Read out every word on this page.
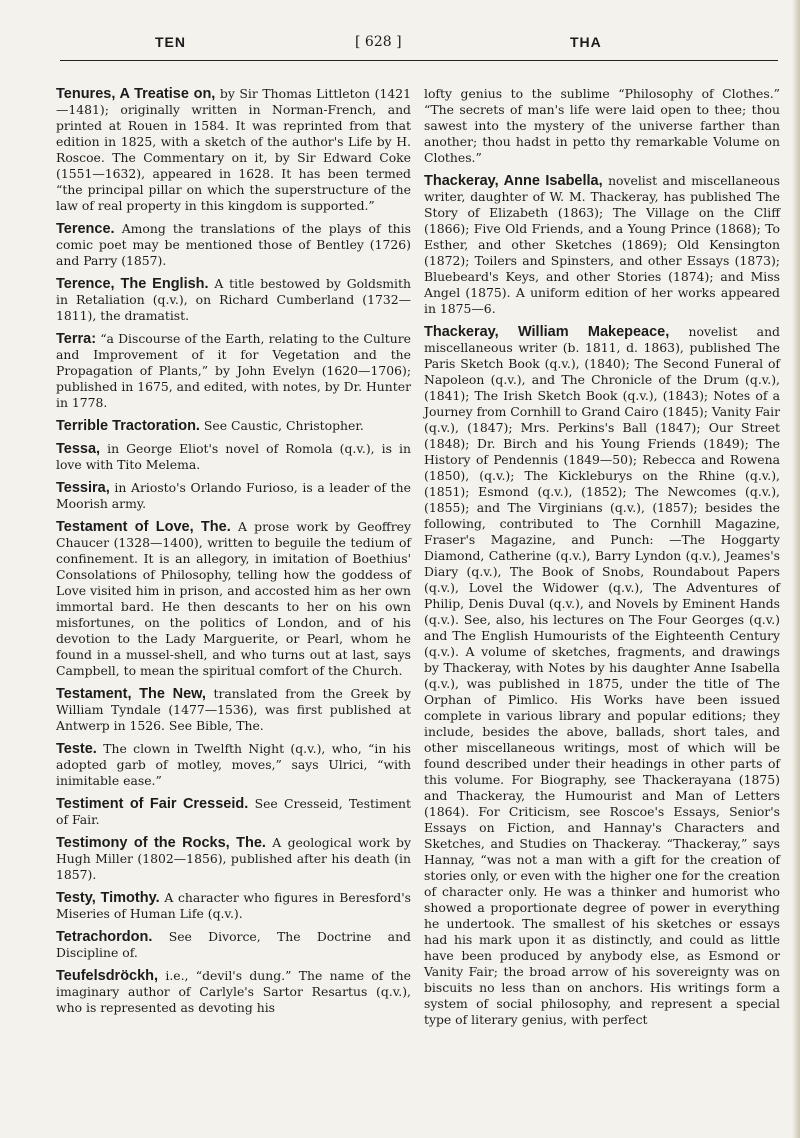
TEN	[ 628 ]	THA

Tenures, A Treatise on, by Sir Thomas Littleton (1421—1481); originally written in Norman-French, and printed at Rouen in 1584. It was reprinted from that edition in 1825, with a sketch of the author's Life by H. Roscoe. The Commentary on it, by Sir Edward Coke (1551—1632), appeared in 1628. It has been termed “the principal pillar on which the superstructure of the law of real property in this kingdom is supported.”

Terence. Among the translations of the plays of this comic poet may be mentioned those of Bentley (1726) and Parry (1857).

Terence, The English. A title bestowed by Goldsmith in Retaliation (q.v.), on Richard Cumberland (1732—1811), the dramatist.

Terra: “a Discourse of the Earth, relating to the Culture and Improvement of it for Vegetation and the Propagation of Plants,” by John Evelyn (1620—1706); published in 1675, and edited, with notes, by Dr. Hunter in 1778.

Terrible Tractoration. See Caustic, Christopher.

Tessa, in George Eliot's novel of Romola (q.v.), is in love with Tito Melema.

Tessira, in Ariosto's Orlando Furioso, is a leader of the Moorish army.

Testament of Love, The. A prose work by Geoffrey Chaucer (1328—1400), written to beguile the tedium of confinement. It is an allegory, in imitation of Boethius' Consolations of Philosophy, telling how the goddess of Love visited him in prison, and accosted him as her own immortal bard. He then descants to her on his own misfortunes, on the politics of London, and of his devotion to the Lady Marguerite, or Pearl, whom he found in a mussel-shell, and who turns out at last, says Campbell, to mean the spiritual comfort of the Church.

Testament, The New, translated from the Greek by William Tyndale (1477—1536), was first published at Antwerp in 1526. See Bible, The.

Teste. The clown in Twelfth Night (q.v.), who, “in his adopted garb of motley, moves,” says Ulrici, “with inimitable ease.”

Testiment of Fair Cresseid. See Cresseid, Testiment of Fair.

Testimony of the Rocks, The. A geological work by Hugh Miller (1802—1856), published after his death (in 1857).

Testy, Timothy. A character who figures in Beresford's Miseries of Human Life (q.v.).

Tetrachordon. See Divorce, The Doctrine and Discipline of.

Teufelsdröckh, i.e., “devil's dung.” The name of the imaginary author of Carlyle's Sartor Resartus (q.v.), who is represented as devoting his

lofty genius to the sublime “Philosophy of Clothes.” “The secrets of man's life were laid open to thee; thou sawest into the mystery of the universe farther than another; thou hadst in petto thy remarkable Volume on Clothes.”

Thackeray, Anne Isabella, novelist and miscellaneous writer, daughter of W. M. Thackeray, has published The Story of Elizabeth (1863); The Village on the Cliff (1866); Five Old Friends, and a Young Prince (1868); To Esther, and other Sketches (1869); Old Kensington (1872); Toilers and Spinsters, and other Essays (1873); Bluebeard's Keys, and other Stories (1874); and Miss Angel (1875). A uniform edition of her works appeared in 1875—6.

Thackeray, William Makepeace, novelist and miscellaneous writer (b. 1811, d. 1863), published The Paris Sketch Book (q.v.), (1840); The Second Funeral of Napoleon (q.v.), and The Chronicle of the Drum (q.v.), (1841); The Irish Sketch Book (q.v.), (1843); Notes of a Journey from Cornhill to Grand Cairo (1845); Vanity Fair (q.v.), (1847); Mrs. Perkins's Ball (1847); Our Street (1848); Dr. Birch and his Young Friends (1849); The History of Pendennis (1849—50); Rebecca and Rowena (1850), (q.v.); The Kickleburys on the Rhine (q.v.), (1851); Esmond (q.v.), (1852); The Newcomes (q.v.), (1855); and The Virginians (q.v.), (1857); besides the following, contributed to The Cornhill Magazine, Fraser's Magazine, and Punch: —The Hoggarty Diamond, Catherine (q.v.), Barry Lyndon (q.v.), Jeames's Diary (q.v.), The Book of Snobs, Roundabout Papers (q.v.), Lovel the Widower (q.v.), The Adventures of Philip, Denis Duval (q.v.), and Novels by Eminent Hands (q.v.). See, also, his lectures on The Four Georges (q.v.) and The English Humourists of the Eighteenth Century (q.v.). A volume of sketches, fragments, and drawings by Thackeray, with Notes by his daughter Anne Isabella (q.v.), was published in 1875, under the title of The Orphan of Pimlico. His Works have been issued complete in various library and popular editions; they include, besides the above, ballads, short tales, and other miscellaneous writings, most of which will be found described under their headings in other parts of this volume. For Biography, see Thackerayana (1875) and Thackeray, the Humourist and Man of Letters (1864). For Criticism, see Roscoe's Essays, Senior's Essays on Fiction, and Hannay's Characters and Sketches, and Studies on Thackeray. “Thackeray,” says Hannay, “was not a man with a gift for the creation of stories only, or even with the higher one for the creation of character only. He was a thinker and humorist who showed a proportionate degree of power in everything he undertook. The smallest of his sketches or essays had his mark upon it as distinctly, and could as little have been produced by anybody else, as Esmond or Vanity Fair; the broad arrow of his sovereignty was on biscuits no less than on anchors. His writings form a system of social philosophy, and represent a special type of literary genius, with perfect
